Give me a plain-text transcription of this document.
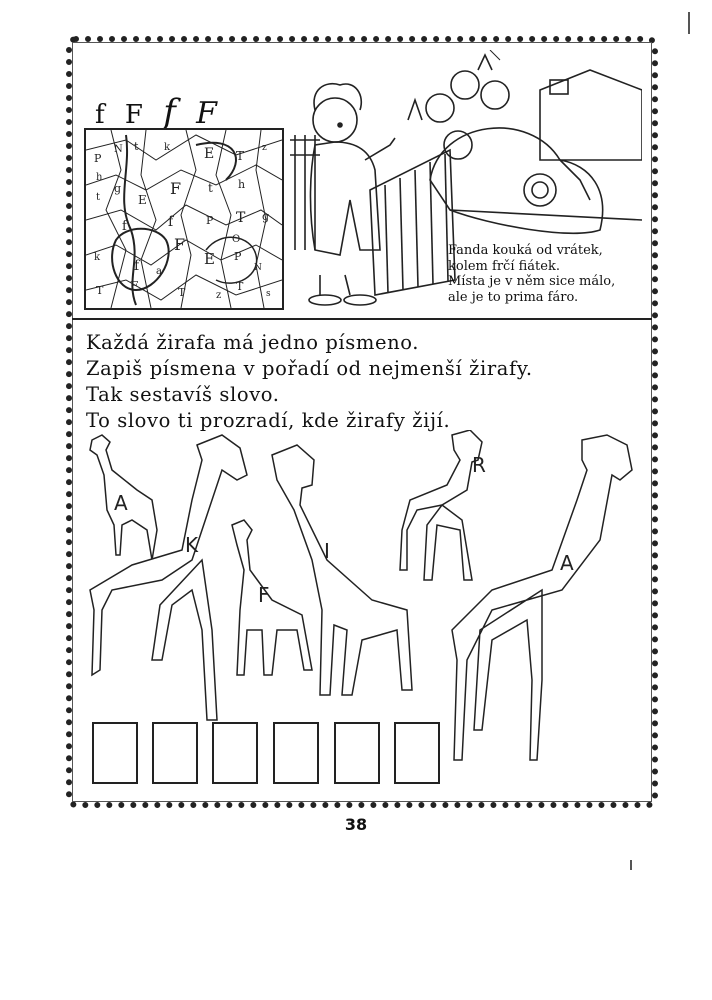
f F f F
P
N t	k E T
z
h
t
g
E
F t h
f	f	P T g
F
k
f	E P
N
F
T	T	z
T
s
a
O
Fanda kouká od vrátek,
kolem frčí fiátek.
Místa je v něm sice málo,
ale je to prima fáro.
Každá žirafa má jedno písmeno.
Zapiš písmena v pořadí od nejmenší žirafy.
Tak sestavíš slovo.
To slovo ti prozradí, kde žirafy žijí.
A
K
F
I
R
A
38
